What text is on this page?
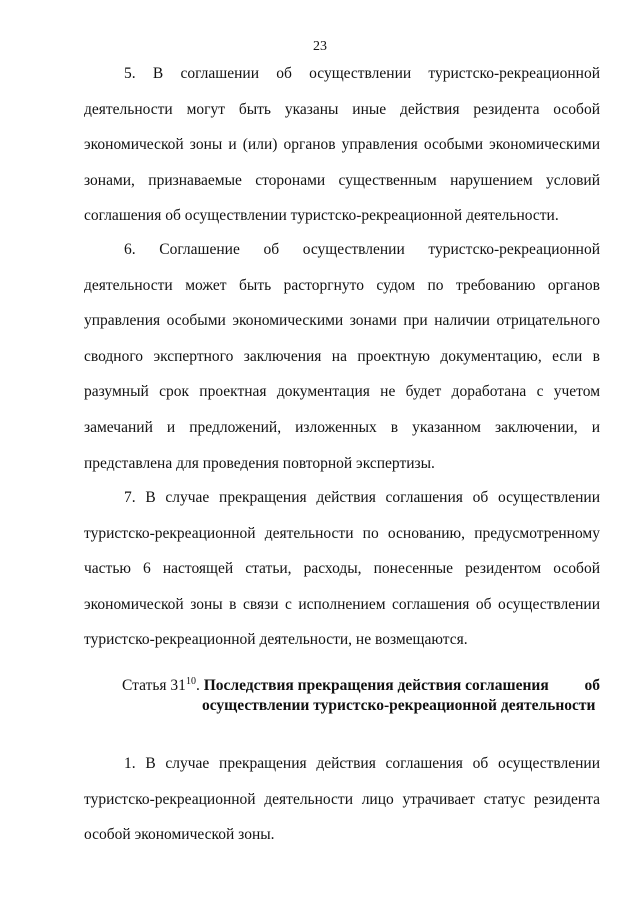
23

5. В соглашении об осуществлении туристско-рекреационной деятельности могут быть указаны иные действия резидента особой экономической зоны и (или) органов управления особыми экономическими зонами, признаваемые сторонами существенным нарушением условий соглашения об осуществлении туристско-рекреационной деятельности.

6. Соглашение об осуществлении туристско-рекреационной деятельности может быть расторгнуто судом по требованию органов управления особыми экономическими зонами при наличии отрицательного сводного экспертного заключения на проектную документацию, если в разумный срок проектная документация не будет доработана с учетом замечаний и предложений, изложенных в указанном заключении, и представлена для проведения повторной экспертизы.

7. В случае прекращения действия соглашения об осуществлении туристско-рекреационной деятельности по основанию, предусмотренному частью 6 настоящей статьи, расходы, понесенные резидентом особой экономической зоны в связи с исполнением соглашения об осуществлении туристско-рекреационной деятельности, не возмещаются.

Статья $31^{10}$. Последствия прекращения действия соглашения об
осуществлении туристско-рекреационной деятельности

1. В случае прекращения действия соглашения об осуществлении туристско-рекреационной деятельности лицо утрачивает статус резидента особой экономической зоны.
